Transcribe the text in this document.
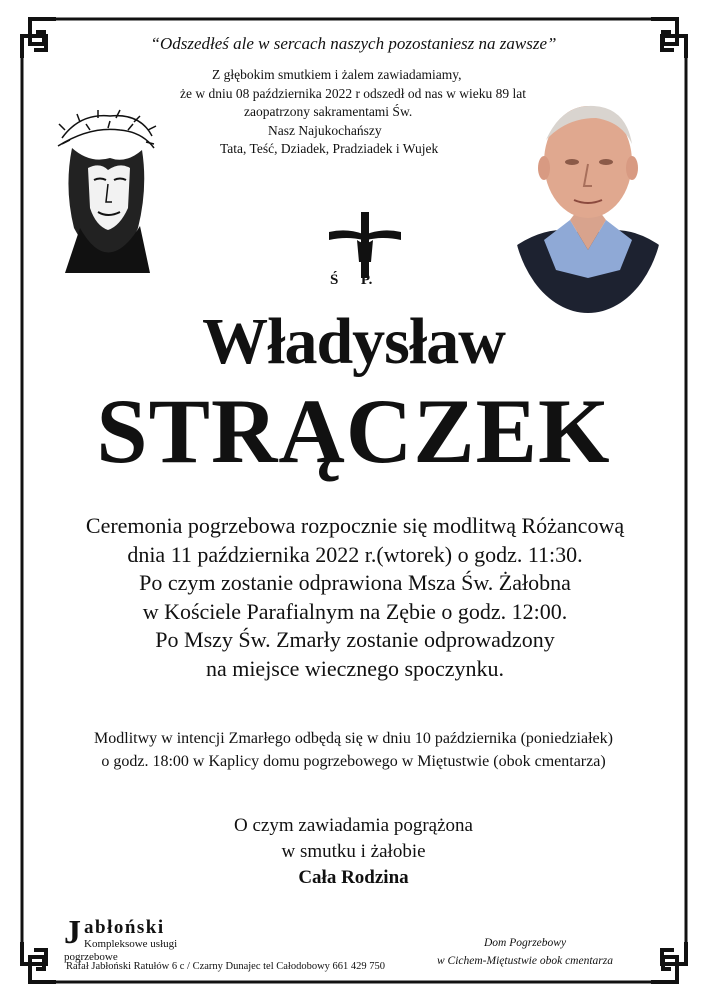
“Odszedłeś ale w sercach naszych pozostaniesz na zawsze”
Z głębokim smutkiem i żalem zawiadamiamy,
że w dniu 08 października 2022 r odszedł od nas w wieku 89 lat
zaopatrzony sakramentami Św.
Nasz Najukochańszy
Tata, Teść, Dziadek, Pradziadek i Wujek
Ś      P.
Władysław
STRĄCZEK
Ceremonia pogrzebowa rozpocznie się modlitwą Różancową
dnia 11 października 2022 r.(wtorek) o godz. 11:30.
Po czym zostanie odprawiona Msza Św. Żałobna
w Kościele Parafialnym na Zębie o godz. 12:00.
Po Mszy Św. Zmarły zostanie odprowadzony
na miejsce wiecznego spoczynku.
Modlitwy w intencji Zmarłego odbędą się w dniu 10 października (poniedziałek)
o godz. 18:00 w Kaplicy domu pogrzebowego w Miętustwie (obok cmentarza)
O czym zawiadamia pogrążona
w smutku i żałobie
Cała Rodzina
J abłoński
Kompleksowe usługi pogrzebowe
Rafał Jabłoński Ratułów 6 c / Czarny Dunajec tel Całodobowy 661 429 750
Dom Pogrzebowy
w Cichem-Miętustwie obok cmentarza
